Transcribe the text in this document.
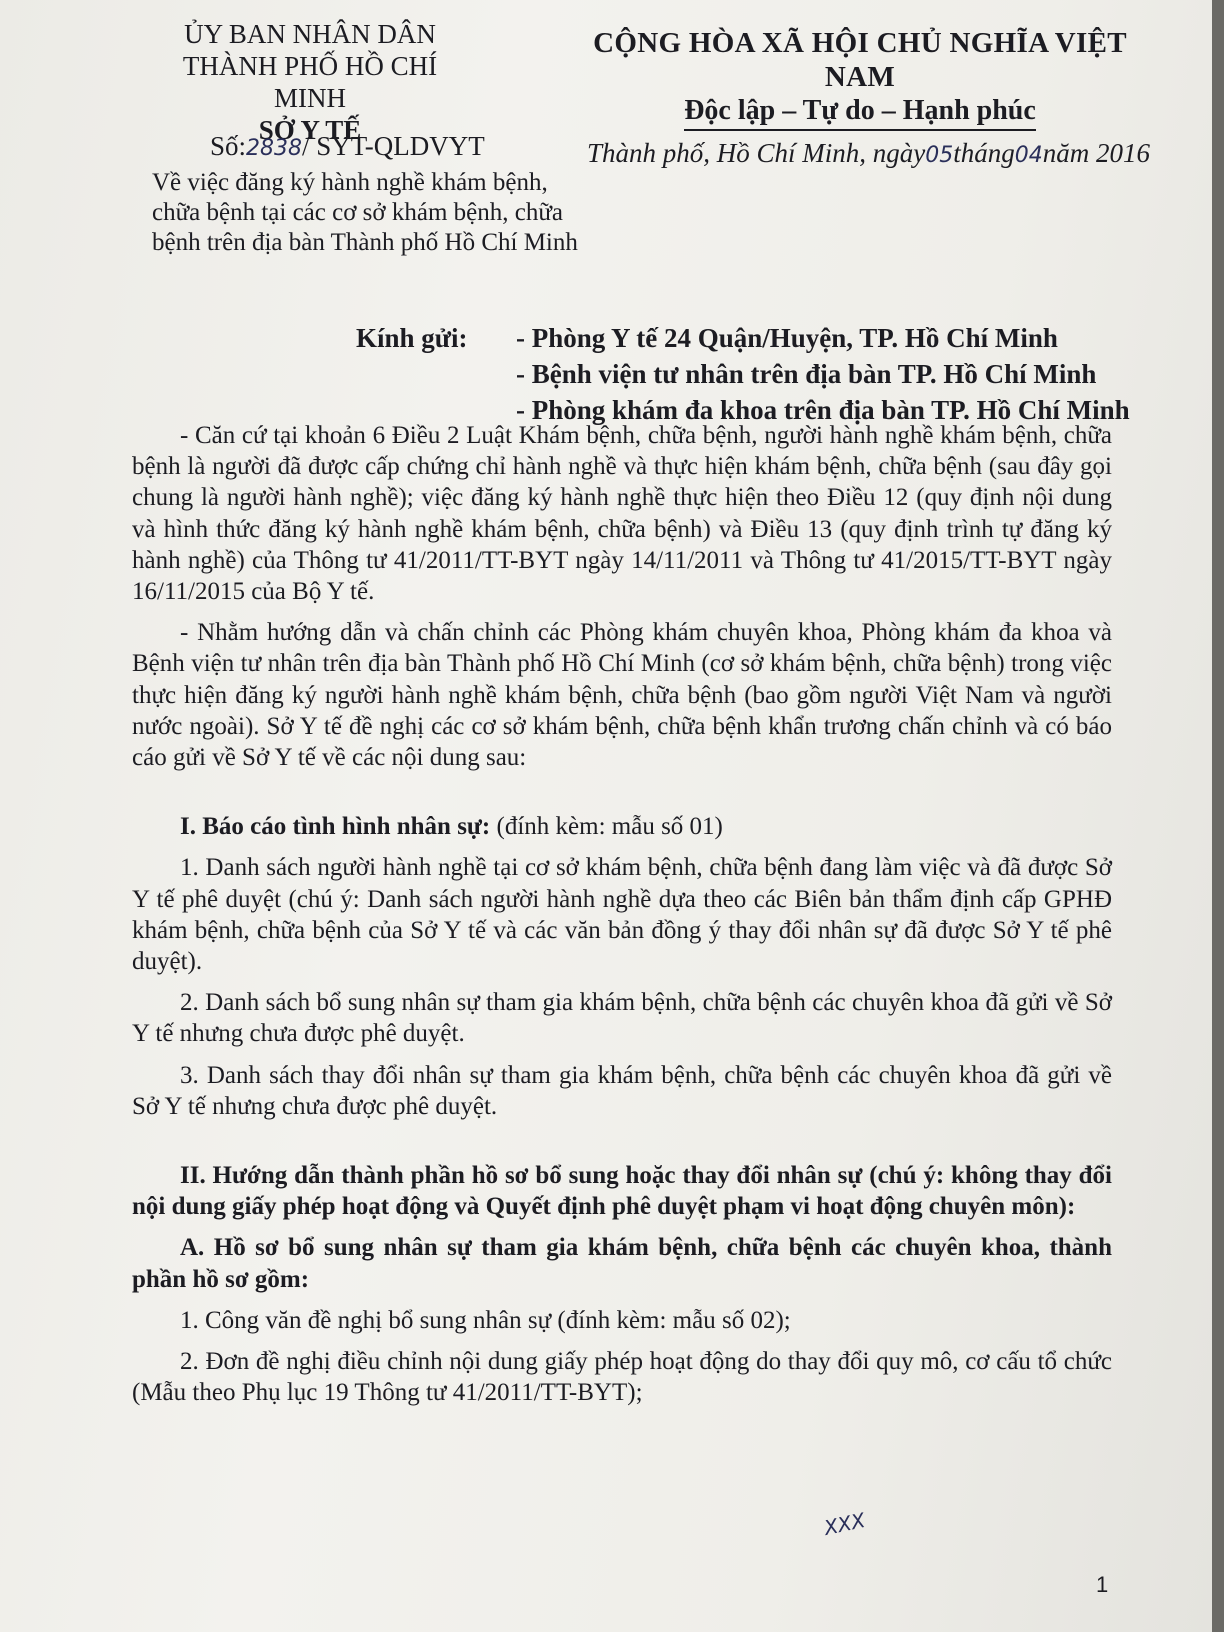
ỦY BAN NHÂN DÂN
THÀNH PHỐ HỒ CHÍ MINH
SỞ Y TẾ
CỘNG HÒA XÃ HỘI CHỦ NGHĨA VIỆT NAM
Độc lập – Tự do – Hạnh phúc
Số:2838/ SYT-QLDVYT
Về việc đăng ký hành nghề khám bệnh, chữa bệnh tại các cơ sở khám bệnh, chữa bệnh trên địa bàn Thành phố Hồ Chí Minh
Thành phố, Hồ Chí Minh, ngày05tháng04năm 2016
Kính gửi:	- Phòng Y tế 24 Quận/Huyện, TP. Hồ Chí Minh
- Bệnh viện tư nhân trên địa bàn TP. Hồ Chí Minh
- Phòng khám đa khoa trên địa bàn TP. Hồ Chí Minh

- Căn cứ tại khoản 6 Điều 2 Luật Khám bệnh, chữa bệnh, người hành nghề khám bệnh, chữa bệnh là người đã được cấp chứng chỉ hành nghề và thực hiện khám bệnh, chữa bệnh (sau đây gọi chung là người hành nghề); việc đăng ký hành nghề thực hiện theo Điều 12 (quy định nội dung và hình thức đăng ký hành nghề khám bệnh, chữa bệnh) và Điều 13 (quy định trình tự đăng ký hành nghề) của Thông tư 41/2011/TT-BYT ngày 14/11/2011 và Thông tư 41/2015/TT-BYT ngày 16/11/2015 của Bộ Y tế.

- Nhằm hướng dẫn và chấn chỉnh các Phòng khám chuyên khoa, Phòng khám đa khoa và Bệnh viện tư nhân trên địa bàn Thành phố Hồ Chí Minh (cơ sở khám bệnh, chữa bệnh) trong việc thực hiện đăng ký người hành nghề khám bệnh, chữa bệnh (bao gồm người Việt Nam và người nước ngoài). Sở Y tế đề nghị các cơ sở khám bệnh, chữa bệnh khẩn trương chấn chỉnh và có báo cáo gửi về Sở Y tế về các nội dung sau:

I. Báo cáo tình hình nhân sự: (đính kèm: mẫu số 01)

1. Danh sách người hành nghề tại cơ sở khám bệnh, chữa bệnh đang làm việc và đã được Sở Y tế phê duyệt (chú ý: Danh sách người hành nghề dựa theo các Biên bản thẩm định cấp GPHĐ khám bệnh, chữa bệnh của Sở Y tế và các văn bản đồng ý thay đổi nhân sự đã được Sở Y tế phê duyệt).

2. Danh sách bổ sung nhân sự tham gia khám bệnh, chữa bệnh các chuyên khoa đã gửi về Sở Y tế nhưng chưa được phê duyệt.

3. Danh sách thay đổi nhân sự tham gia khám bệnh, chữa bệnh các chuyên khoa đã gửi về Sở Y tế nhưng chưa được phê duyệt.

II. Hướng dẫn thành phần hồ sơ bổ sung hoặc thay đổi nhân sự (chú ý: không thay đổi nội dung giấy phép hoạt động và Quyết định phê duyệt phạm vi hoạt động chuyên môn):

A. Hồ sơ bổ sung nhân sự tham gia khám bệnh, chữa bệnh các chuyên khoa, thành phần hồ sơ gồm:

1. Công văn đề nghị bổ sung nhân sự (đính kèm: mẫu số 02);

2. Đơn đề nghị điều chỉnh nội dung giấy phép hoạt động do thay đổi quy mô, cơ cấu tổ chức (Mẫu theo Phụ lục 19 Thông tư 41/2011/TT-BYT);

XXX
1
